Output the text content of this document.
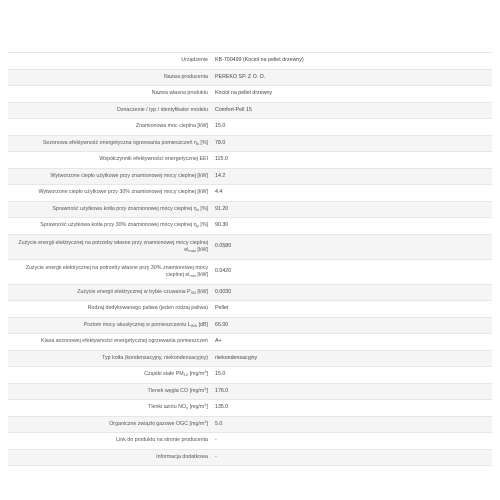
Urządzenie	KB-700499 (Kocioł na pellet drzewny)
Nazwa producenta	PEREKO SP. Z O. O.
Nazwa własna produktu	Kocioł na pellet drzewny
Oznaczenie / typ / identyfikator modelu	Comfort-Pell 15
Znamionowa moc cieplna [kW]	15.0
Sezonowa efektywność energetyczna ogrzewania pomieszczeń $\eta_s$ [%]	78.0
Współczynnik efektywności energetycznej EEI	115.0
Wytworzone ciepło użytkowe przy znamionowej mocy cieplnej [kW]	14.2
Wytworzone ciepło użytkowe przy 30% znamionowej mocy cieplnej [kW]	4.4
Sprawność użytkowa kotła przy znamionowej mocy cieplnej $\eta_n$ [%]	91.20
Sprawność użytkowa kotła przy 30% znamionowej mocy cieplnej $\eta_p$ [%]	90.30
Zużycie energii elektrycznej na potrzeby własne przy znamionowej mocy cieplnej $el_{max}$ [kW]	0.0580
Zużycie energii elektrycznej na potrzeby własne przy 30% znamionowej mocy cieplnej $el_{min}$ [kW]	0.0420
Zużycie energii elektrycznej w trybie czuwania $P_{SB}$ [kW]	0.0030
Rodzaj dedykowanego paliwa (jeden rodzaj paliwa)	Pellet
Poziom mocy akustycznej w pomieszczeniu $L_{WA}$ [dB]	65.00
Klasa sezonowej efektywności energetycznej ogrzewania pomieszczeń	A+
Typ kotła (kondensacyjny, niekondensacyjny)	niekondensacyjny
Cząstki stałe $PM_{10}$ $[mg/m^3]$	15.0
Tlenek węgla CO $[mg/m^3]$	176.0
Tlenki azotu $NO_x$ $[mg/m^3]$	135.0
Organiczne związki gazowe OGC $[mg/m^3]$	5.0
Link do produktu na stronie producenta	-
Informacja dodatkowa	-
